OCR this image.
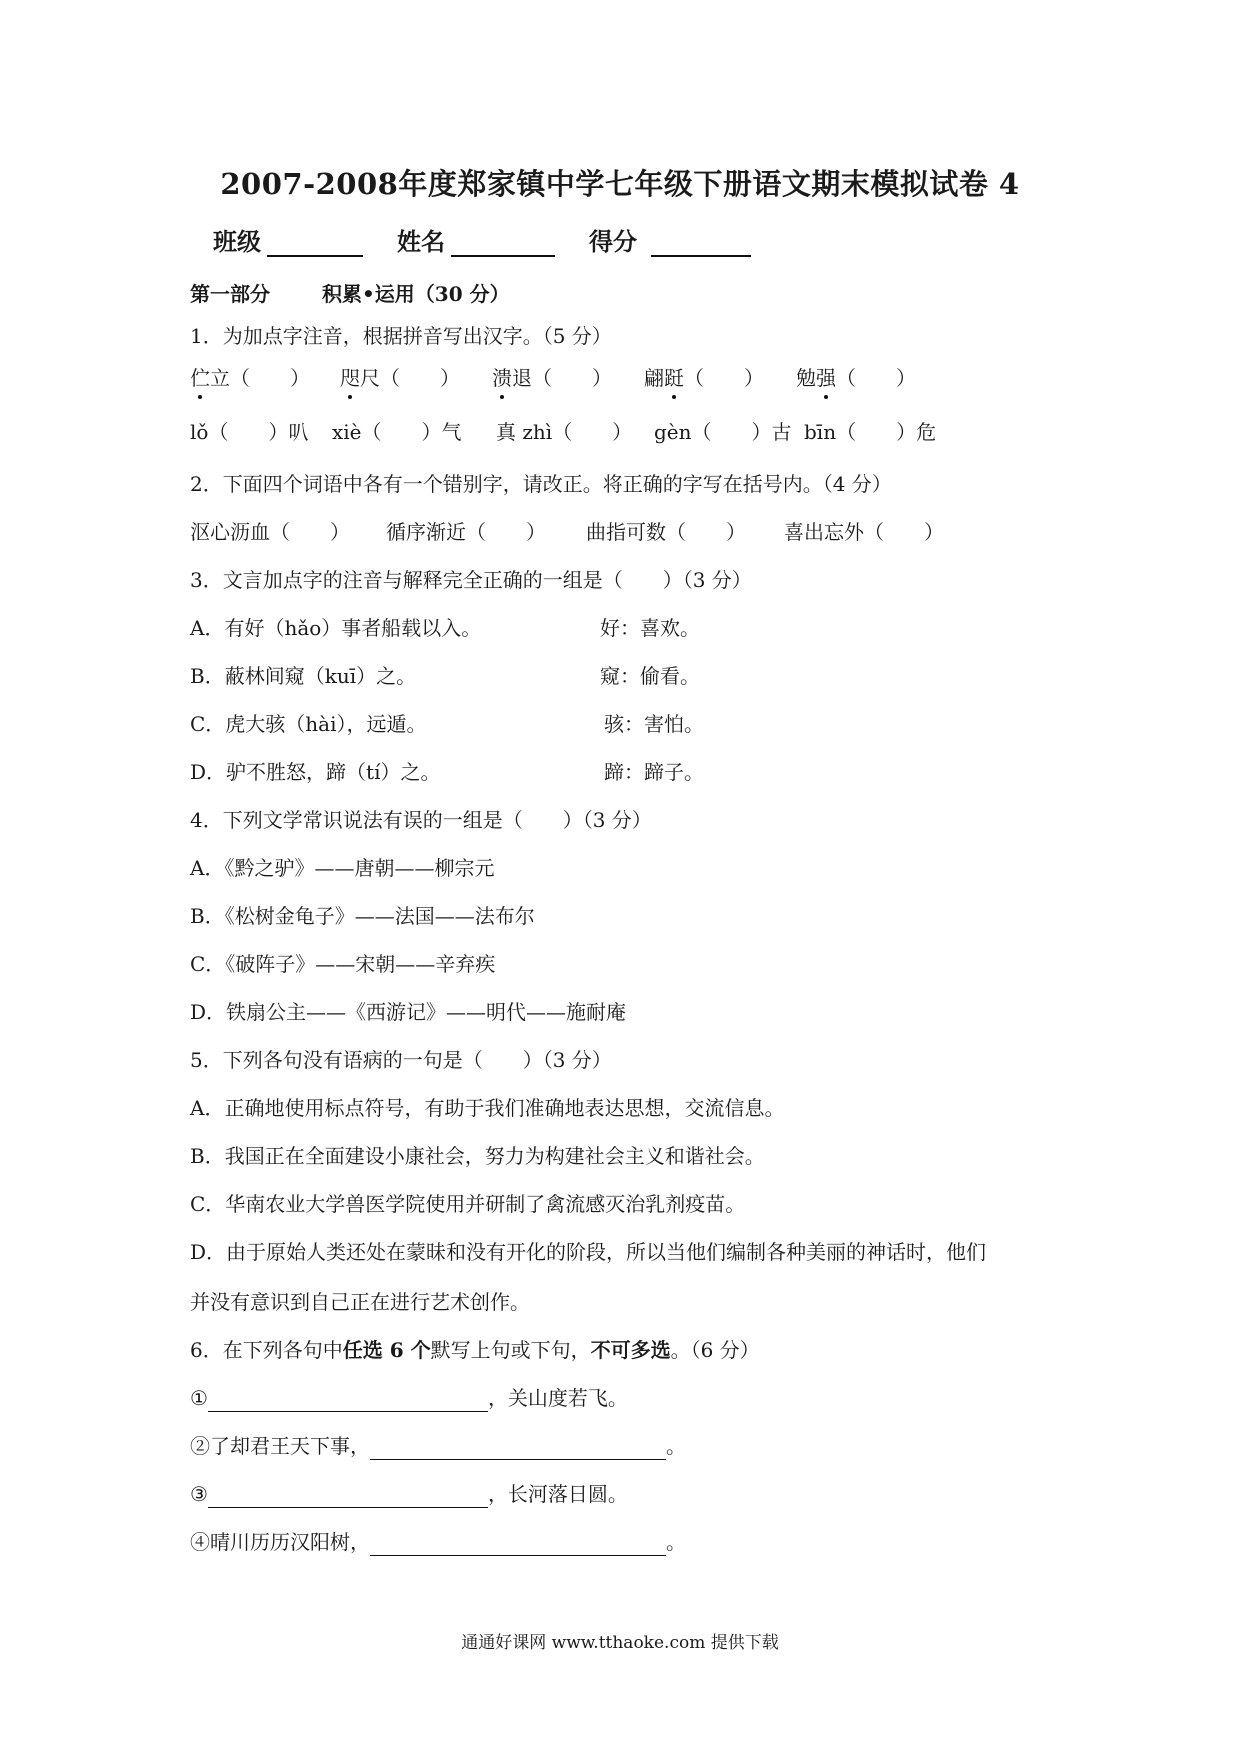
2007-2008年度郑家镇中学七年级下册语文期末模拟试卷 4
班级	姓名	得分
第一部分	积累•运用（30 分）
1．为加点字注音，根据拼音写出汉字。（5 分）
伫立（　　） 咫尺（　　） 溃退（　　） 翩跹（　　） 勉强（　　）
lǒ（　　）叭 xiè（　　）气 真 zhì（　　） gèn（　　）古 bīn（　　）危
2．下面四个词语中各有一个错别字，请改正。将正确的字写在括号内。（4 分）
沤心沥血（　　） 循序渐近（　　） 曲指可数（　　） 喜出忘外（　　）
3．文言加点字的注音与解释完全正确的一组是（　　）（3 分）
A．有好（hǎo）事者船载以入。	好：喜欢。
B．蔽林间窥（kuī）之。	窥：偷看。
C．虎大骇（hài），远遁。	骇：害怕。
D．驴不胜怒，蹄（tí）之。	蹄：蹄子。
4．下列文学常识说法有误的一组是（　　）（3 分）
A．《黔之驴》——唐朝——柳宗元
B．《松树金龟子》——法国——法布尔
C．《破阵子》——宋朝——辛弃疾
D．铁扇公主——《西游记》——明代——施耐庵
5．下列各句没有语病的一句是（　　）（3 分）
A．正确地使用标点符号，有助于我们准确地表达思想，交流信息。
B．我国正在全面建设小康社会，努力为构建社会主义和谐社会。
C．华南农业大学兽医学院使用并研制了禽流感灭治乳剂疫苗。
D．由于原始人类还处在蒙昧和没有开化的阶段，所以当他们编制各种美丽的神话时，他们
并没有意识到自己正在进行艺术创作。
6．在下列各句中任选 6 个默写上句或下句，不可多选。（6 分）
①	，关山度若飞。
②了却君王天下事，	。
③	，长河落日圆。
④晴川历历汉阳树，	。
通通好课网 www.tthaoke.com 提供下载
